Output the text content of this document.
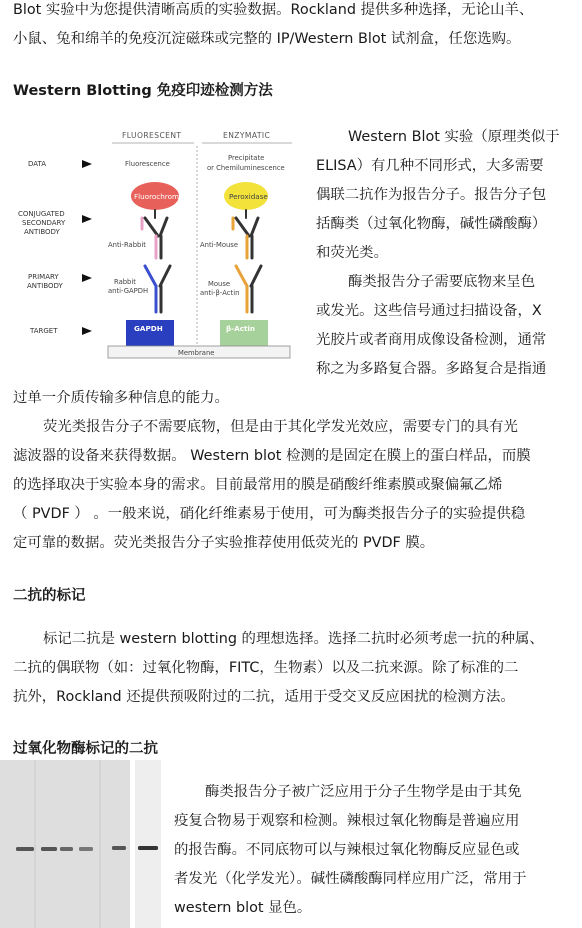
Blot 实验中为您提供清晰高质的实验数据。Rockland 提供多种选择，无论山羊、

小鼠、兔和绵羊的免疫沉淀磁珠或完整的 IP/Western Blot 试剂盒，任您选购。

Western Blotting 免疫印迹检测方法

FLUORESCENT	ENZYMATIC
DATA
CONJUGATED
SECONDARY
ANTIBODY
PRIMARY
ANTIBODY
TARGET
Fluorescence
Precipitate
or Chemiluminescence
Fluorochrome	Peroxidase
Anti-Rabbit	Anti-Mouse
Rabbit
anti-GAPDH
Mouse
anti-β-Actin
GAPDH	β-Actin
Membrane

Western Blot 实验（原理类似于

ELISA）有几种不同形式，大多需要

偶联二抗作为报告分子。报告分子包

括酶类（过氧化物酶，碱性磷酸酶）

和荧光类。

酶类报告分子需要底物来呈色

或发光。这些信号通过扫描设备，X

光胶片或者商用成像设备检测，通常

称之为多路复合器。多路复合是指通

过单一介质传输多种信息的能力。

荧光类报告分子不需要底物，但是由于其化学发光效应，需要专门的具有光

滤波器的设备来获得数据。 Western blot 检测的是固定在膜上的蛋白样品，而膜

的选择取决于实验本身的需求。目前最常用的膜是硝酸纤维素膜或聚偏氟乙烯

（ PVDF ） 。一般来说，硝化纤维素易于使用，可为酶类报告分子的实验提供稳

定可靠的数据。荧光类报告分子实验推荐使用低荧光的 PVDF 膜。

二抗的标记

标记二抗是 western blotting 的理想选择。选择二抗时必须考虑一抗的种属、

二抗的偶联物（如：过氧化物酶，FITC，生物素）以及二抗来源。除了标准的二

抗外，Rockland 还提供预吸附过的二抗，适用于受交叉反应困扰的检测方法。

过氧化物酶标记的二抗

酶类报告分子被广泛应用于分子生物学是由于其免

疫复合物易于观察和检测。辣根过氧化物酶是普遍应用

的报告酶。不同底物可以与辣根过氧化物酶反应显色或

者发光（化学发光）。碱性磷酸酶同样应用广泛，常用于

western blot 显色。
